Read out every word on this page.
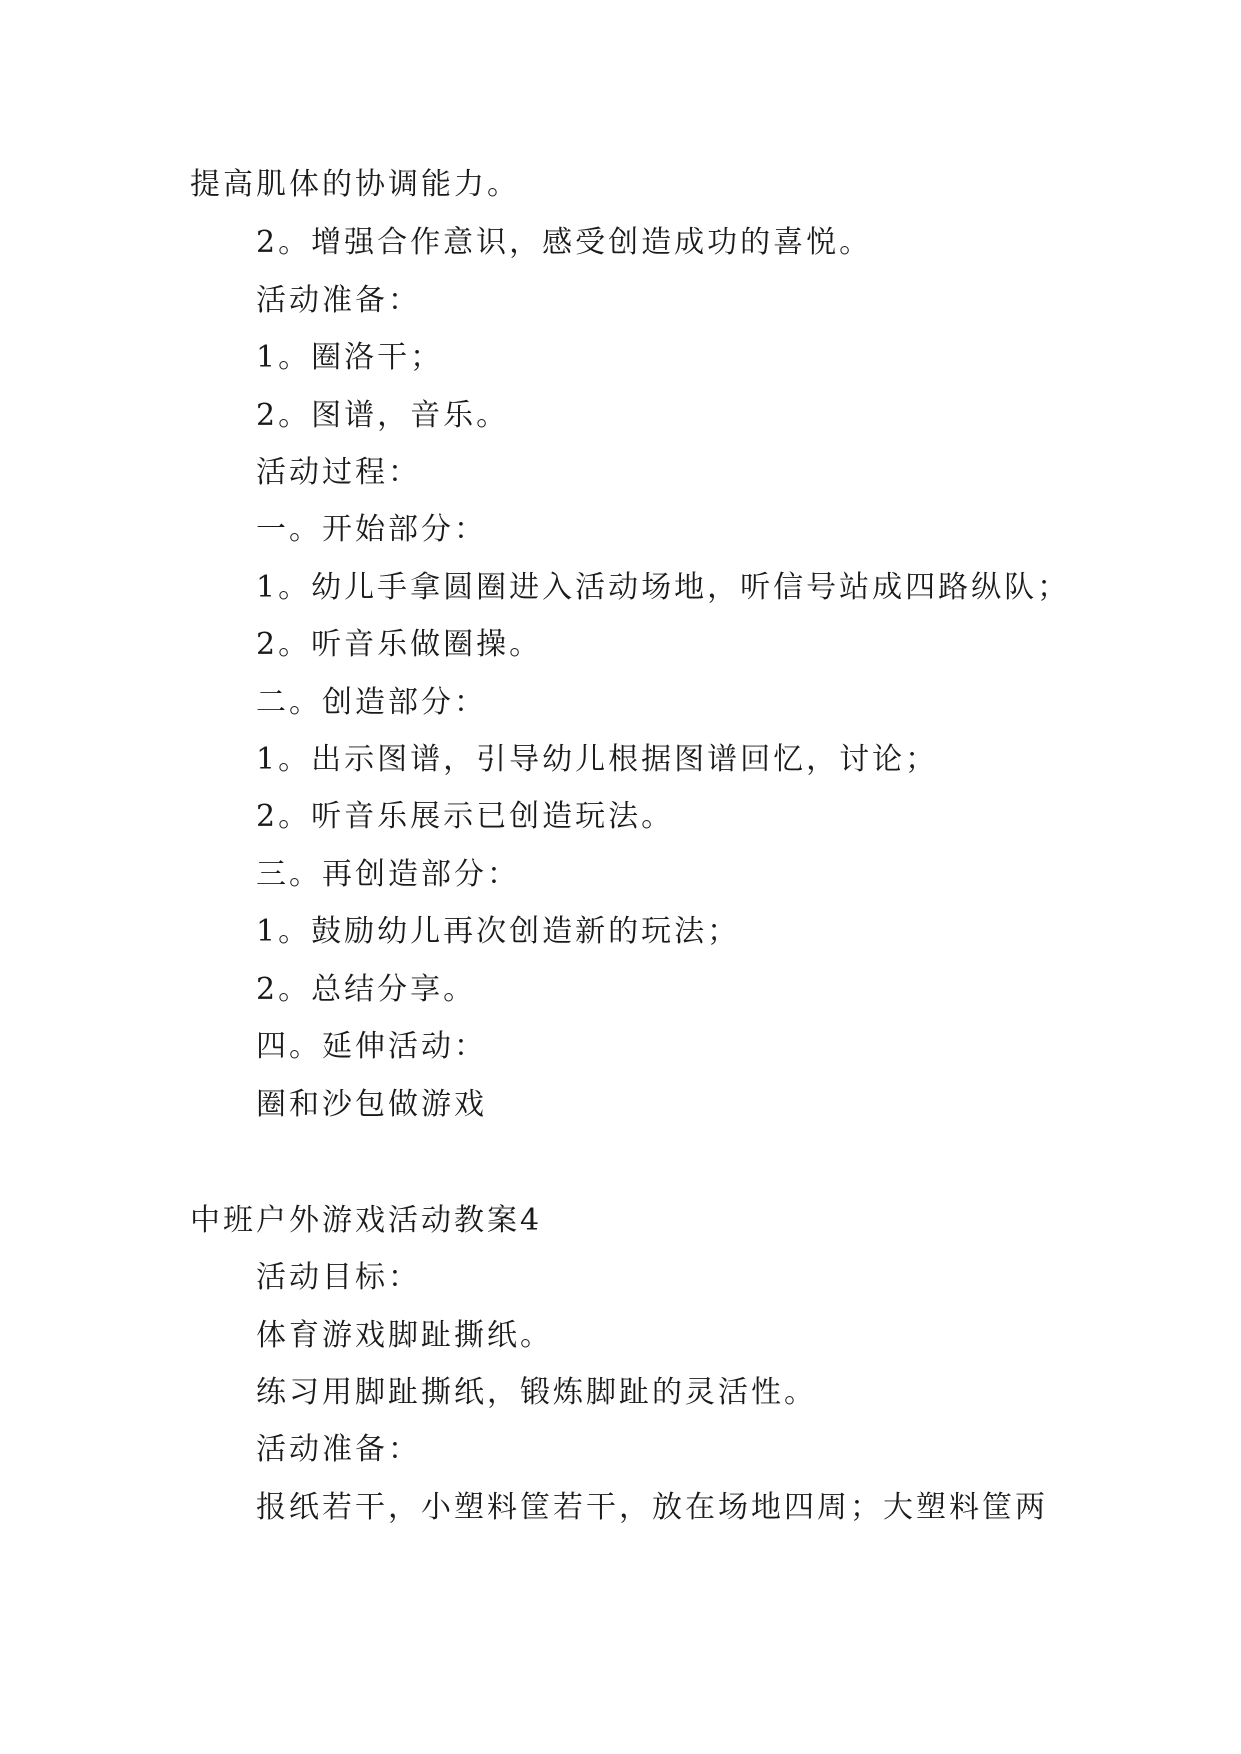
提高肌体的协调能力。
2。增强合作意识，感受创造成功的喜悦。
活动准备：
1。圈洛干；
2。图谱，音乐。
活动过程：
一。开始部分：
1。幼儿手拿圆圈进入活动场地，听信号站成四路纵队；
2。听音乐做圈操。
二。创造部分：
1。出示图谱，引导幼儿根据图谱回忆，讨论；
2。听音乐展示已创造玩法。
三。再创造部分：
1。鼓励幼儿再次创造新的玩法；
2。总结分享。
四。延伸活动：
圈和沙包做游戏
中班户外游戏活动教案4
活动目标：
体育游戏脚趾撕纸。
练习用脚趾撕纸，锻炼脚趾的灵活性。
活动准备：
报纸若干，小塑料筐若干，放在场地四周；大塑料筐两
